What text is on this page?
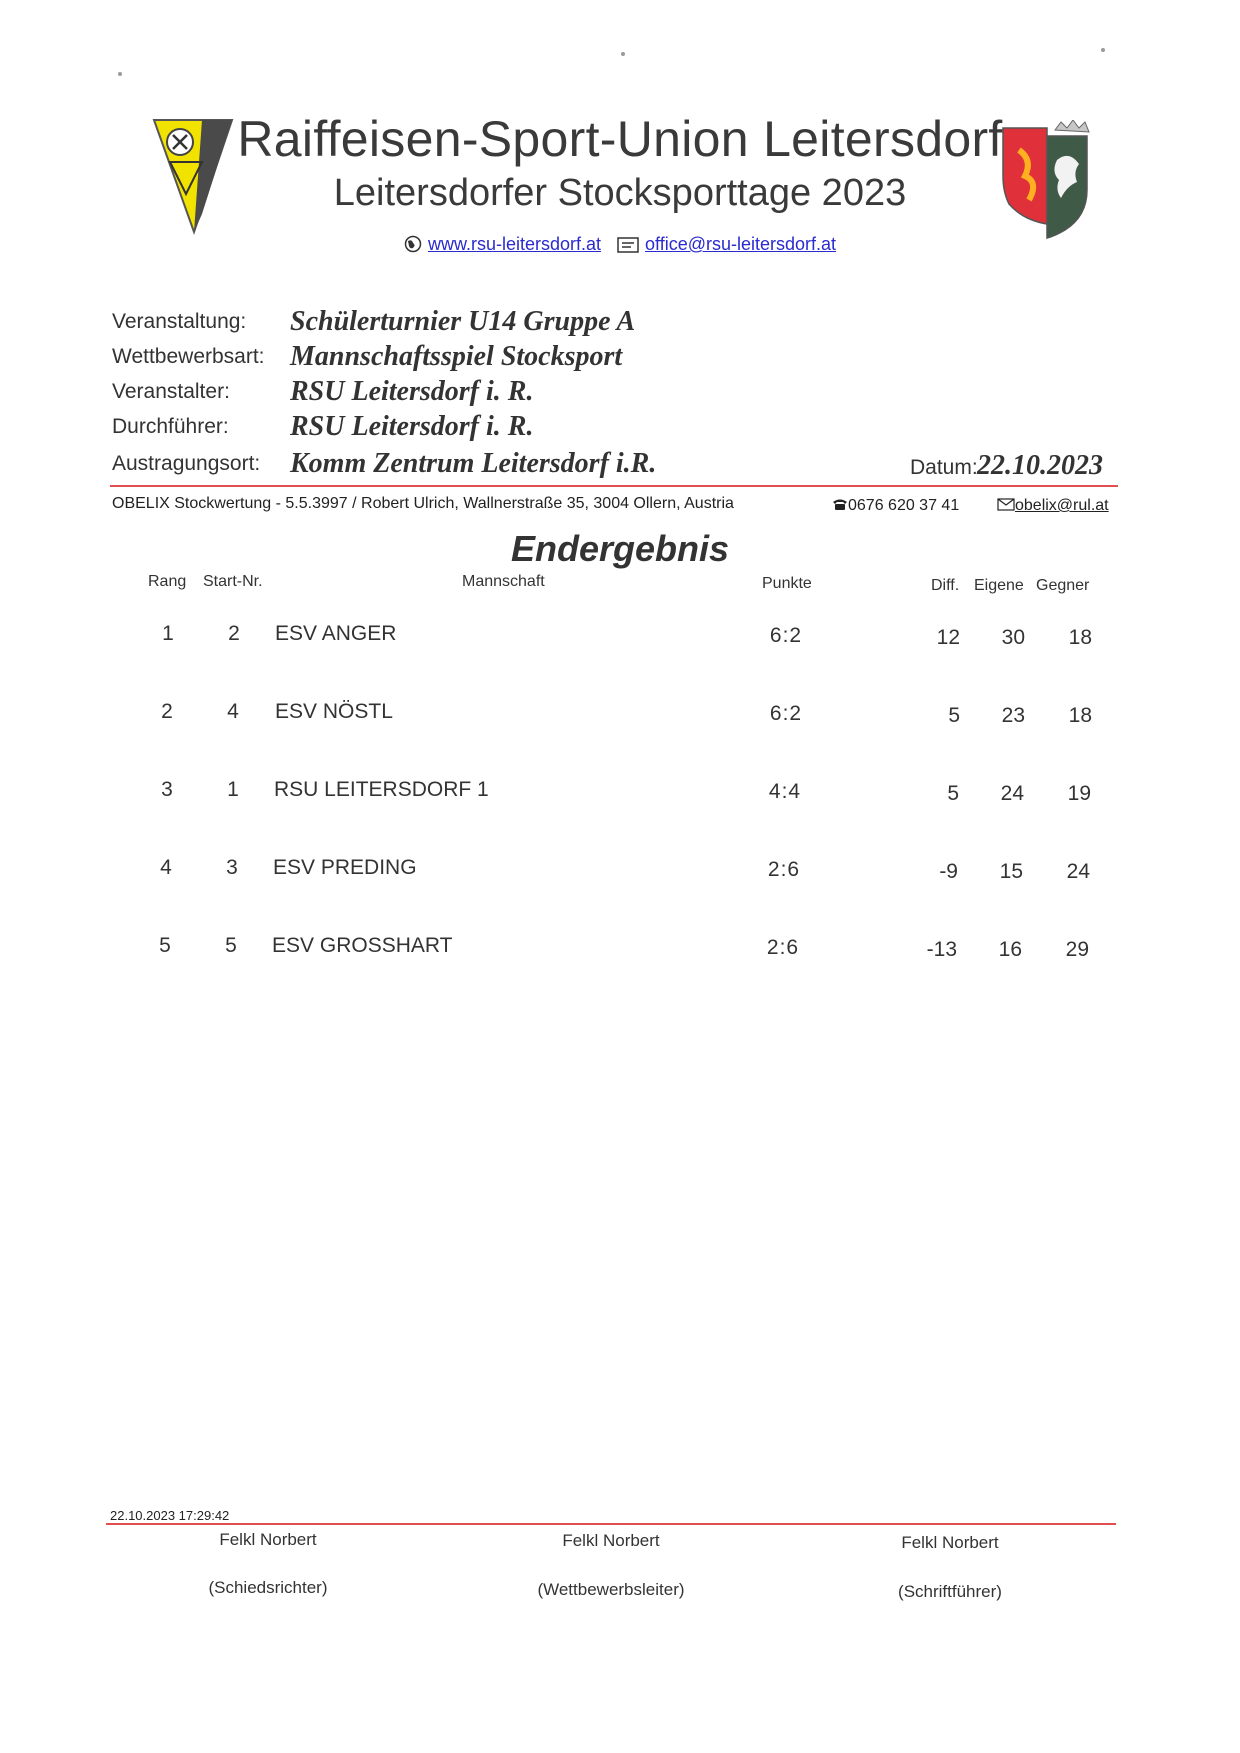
Raiffeisen-Sport-Union Leitersdorf
Leitersdorfer Stocksporttage 2023
www.rsu-leitersdorf.at office@rsu-leitersdorf.at
Veranstaltung: Schülerturnier U14 Gruppe A
Wettbewerbsart: Mannschaftsspiel Stocksport
Veranstalter: RSU Leitersdorf i. R.
Durchführer: RSU Leitersdorf i. R.
Austragungsort: Komm Zentrum Leitersdorf i.R.	Datum: 22.10.2023
OBELIX Stockwertung - 5.5.3997 / Robert Ulrich, Wallnerstraße 35, 3004 Ollern, Austria	0676 620 37 41	obelix@rul.at
Endergebnis
Rang Start-Nr.	Mannschaft	Punkte	Diff. Eigene Gegner
1	2	ESV ANGER	6:2	12	30	18
2	4	ESV NÖSTL	6:2	5	23	18
3	1	RSU LEITERSDORF 1	4:4	5	24	19
4	3	ESV PREDING	2:6	-9	15	24
5	5	ESV GROSSHART	2:6	-13	16	29
22.10.2023 17:29:42
Felkl Norbert
(Schiedsrichter)
Felkl Norbert
(Wettbewerbsleiter)
Felkl Norbert
(Schriftführer)
